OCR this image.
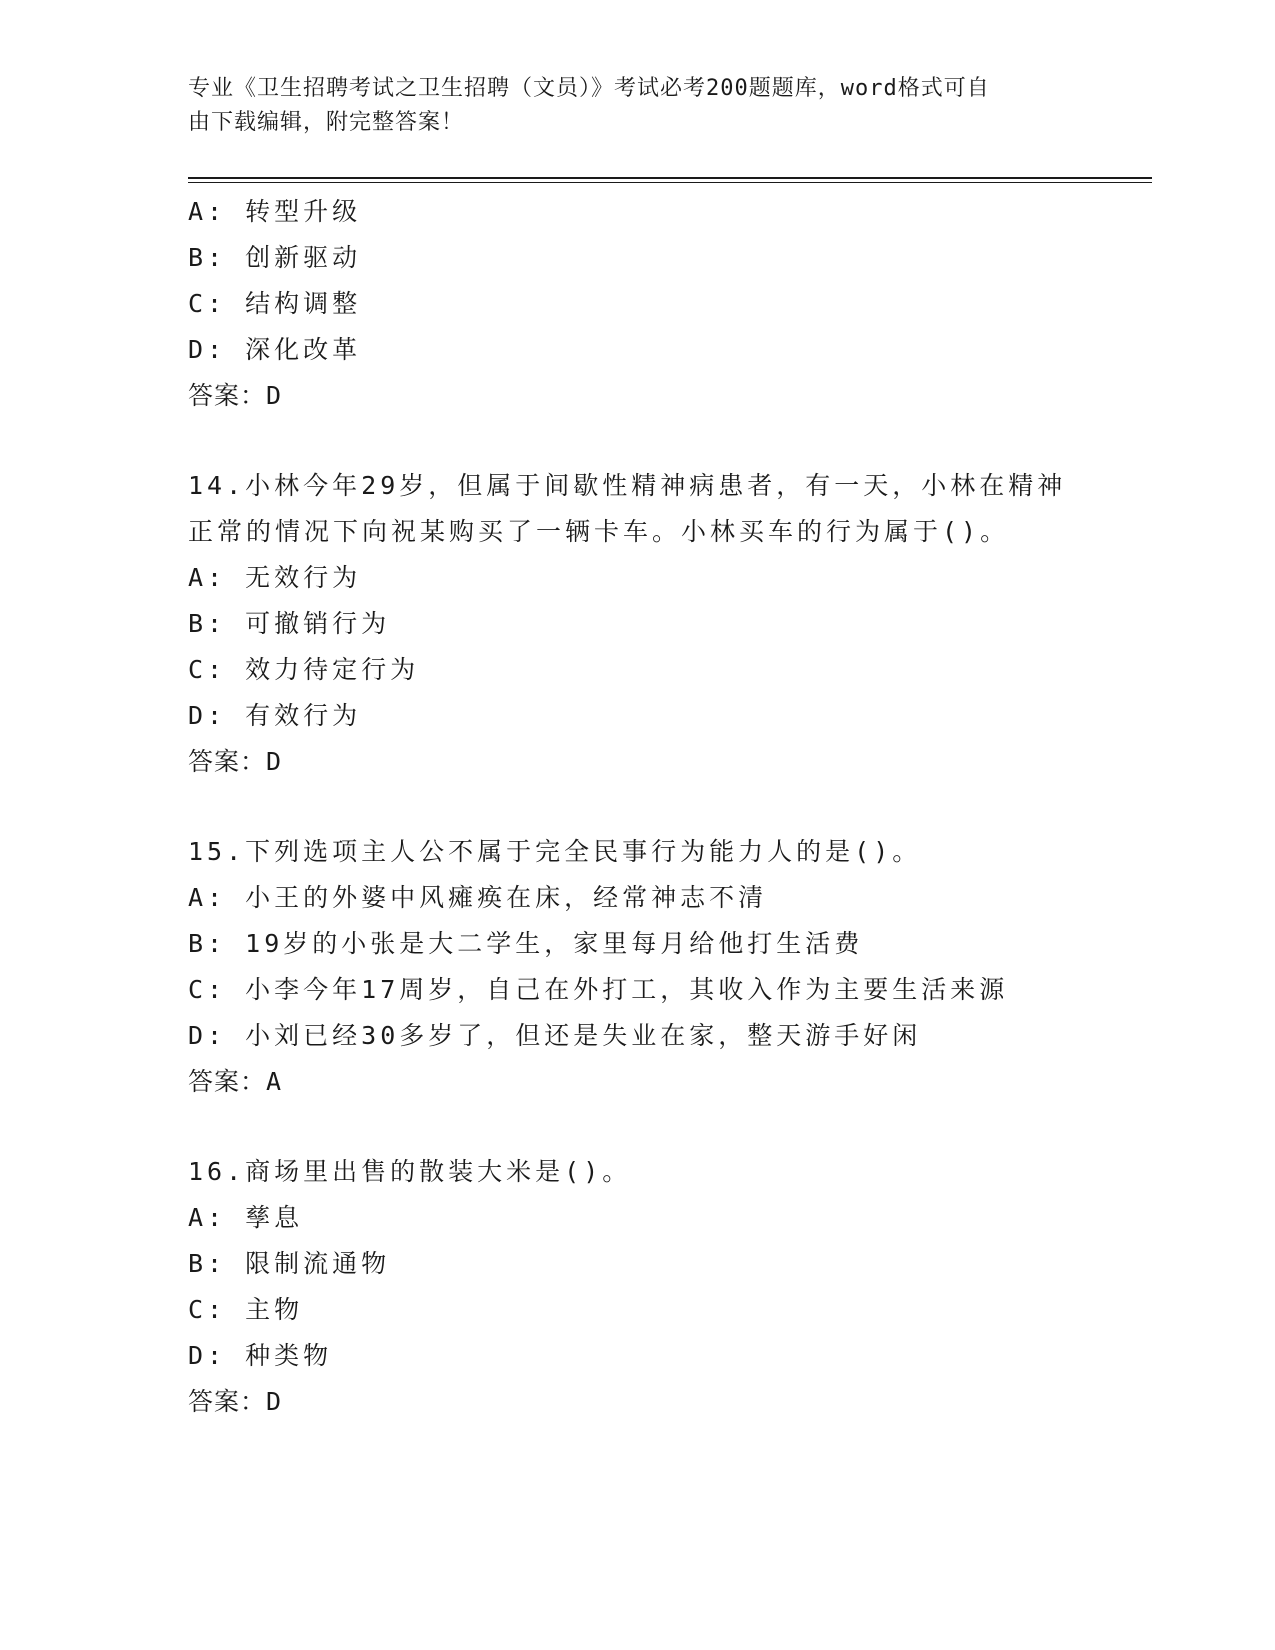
专业《卫生招聘考试之卫生招聘（文员）》考试必考200题题库，word格式可自
由下载编辑，附完整答案！
A: 转型升级
B: 创新驱动
C: 结构调整
D: 深化改革
答案：D
14.小林今年29岁，但属于间歇性精神病患者，有一天，小林在精神
正常的情况下向祝某购买了一辆卡车。小林买车的行为属于()。
A: 无效行为
B: 可撤销行为
C: 效力待定行为
D: 有效行为
答案：D
15.下列选项主人公不属于完全民事行为能力人的是()。
A: 小王的外婆中风瘫痪在床，经常神志不清
B: 19岁的小张是大二学生，家里每月给他打生活费
C: 小李今年17周岁，自己在外打工，其收入作为主要生活来源
D: 小刘已经30多岁了，但还是失业在家，整天游手好闲
答案：A
16.商场里出售的散装大米是()。
A: 孳息
B: 限制流通物
C: 主物
D: 种类物
答案：D
